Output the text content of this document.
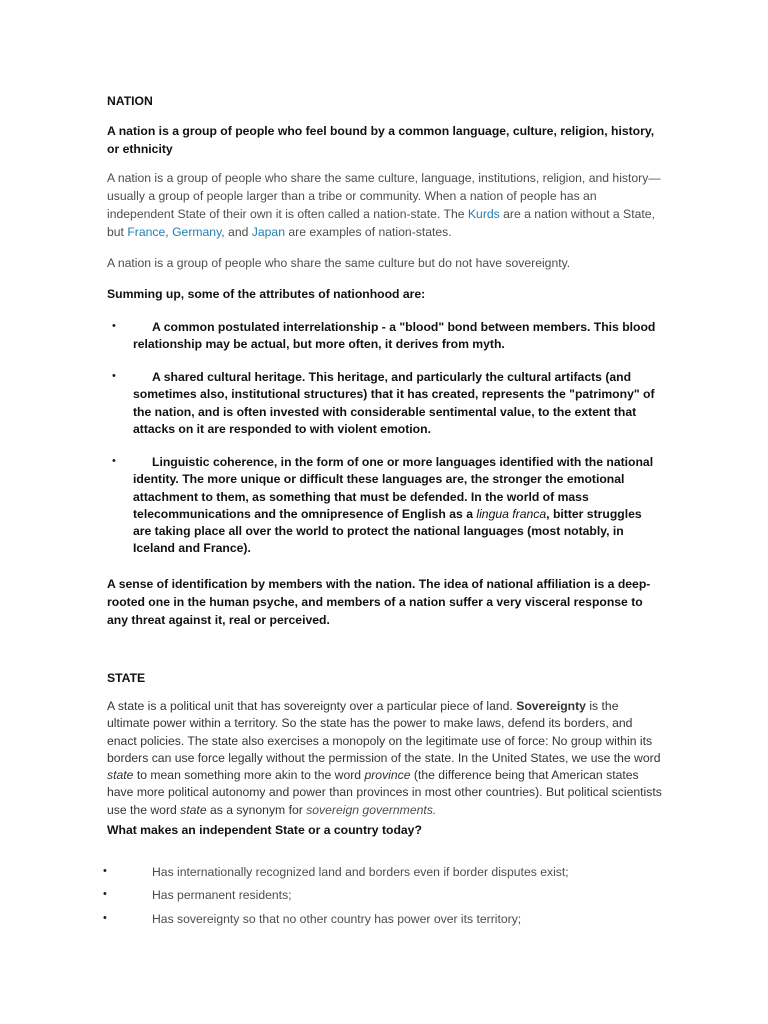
NATION

A nation is a group of people who feel bound by a common language, culture, religion, history, or ethnicity

A nation is a group of people who share the same culture, language, institutions, religion, and history—usually a group of people larger than a tribe or community. When a nation of people has an independent State of their own it is often called a nation-state. The Kurds are a nation without a State, but France, Germany, and Japan are examples of nation-states.

A nation is a group of people who share the same culture but do not have sovereignty.

Summing up, some of the attributes of nationhood are:

•	A common postulated interrelationship - a "blood" bond between members. This blood relationship may be actual, but more often, it derives from myth.

•	A shared cultural heritage. This heritage, and particularly the cultural artifacts (and sometimes also, institutional structures) that it has created, represents the "patrimony" of the nation, and is often invested with considerable sentimental value, to the extent that attacks on it are responded to with violent emotion.

•	Linguistic coherence, in the form of one or more languages identified with the national identity. The more unique or difficult these languages are, the stronger the emotional attachment to them, as something that must be defended. In the world of mass telecommunications and the omnipresence of English as a lingua franca, bitter struggles are taking place all over the world to protect the national languages (most notably, in Iceland and France).

A sense of identification by members with the nation. The idea of national affiliation is a deep-rooted one in the human psyche, and members of a nation suffer a very visceral response to any threat against it, real or perceived.

STATE

A state is a political unit that has sovereignty over a particular piece of land. Sovereignty is the ultimate power within a territory. So the state has the power to make laws, defend its borders, and enact policies. The state also exercises a monopoly on the legitimate use of force: No group within its borders can use force legally without the permission of the state. In the United States, we use the word state to mean something more akin to the word province (the difference being that American states have more political autonomy and power than provinces in most other countries). But political scientists use the word state as a synonym for sovereign governments.

What makes an independent State or a country today?

•	Has internationally recognized land and borders even if border disputes exist;

•	Has permanent residents;

•	Has sovereignty so that no other country has power over its territory;
